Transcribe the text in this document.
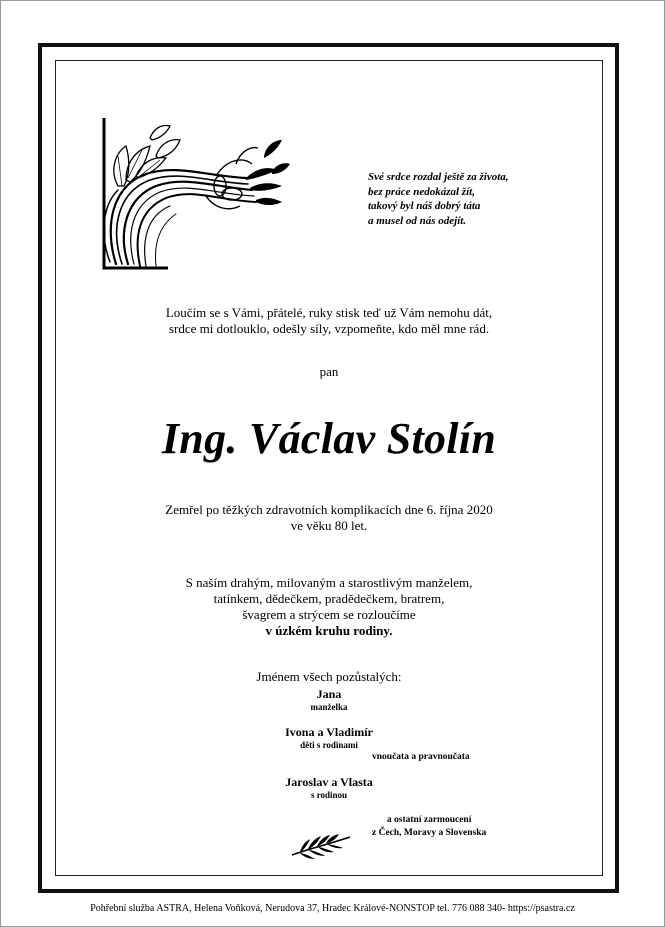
Své srdce rozdal ještě za života,
bez práce nedokázal žít,
takový byl náš dobrý táta
a musel od nás odejít.
Loučím se s Vámi, přátelé, ruky stisk teď už Vám nemohu dát,
srdce mi dotlouklo, odešly síly, vzpomeňte, kdo měl mne rád.
pan
Ing. Václav Stolín
Zemřel po těžkých zdravotních komplikacích dne 6. října 2020
ve věku 80 let.
S naším drahým, milovaným a starostlivým manželem,
tatínkem, dědečkem, pradědečkem, bratrem,
švagrem a strýcem se rozloučíme
v úzkém kruhu rodiny.
Jménem všech pozůstalých:
Jana
manželka
Ivona a Vladimír
děti s rodinami
vnoučata a pravnoučata
Jaroslav a Vlasta
s rodinou
a ostatní zarmoucení
z Čech, Moravy a Slovenska
Pohřební služba ASTRA, Helena Voňková, Nerudova 37, Hradec Králové-NONSTOP tel. 776 088 340- https://psastra.cz
